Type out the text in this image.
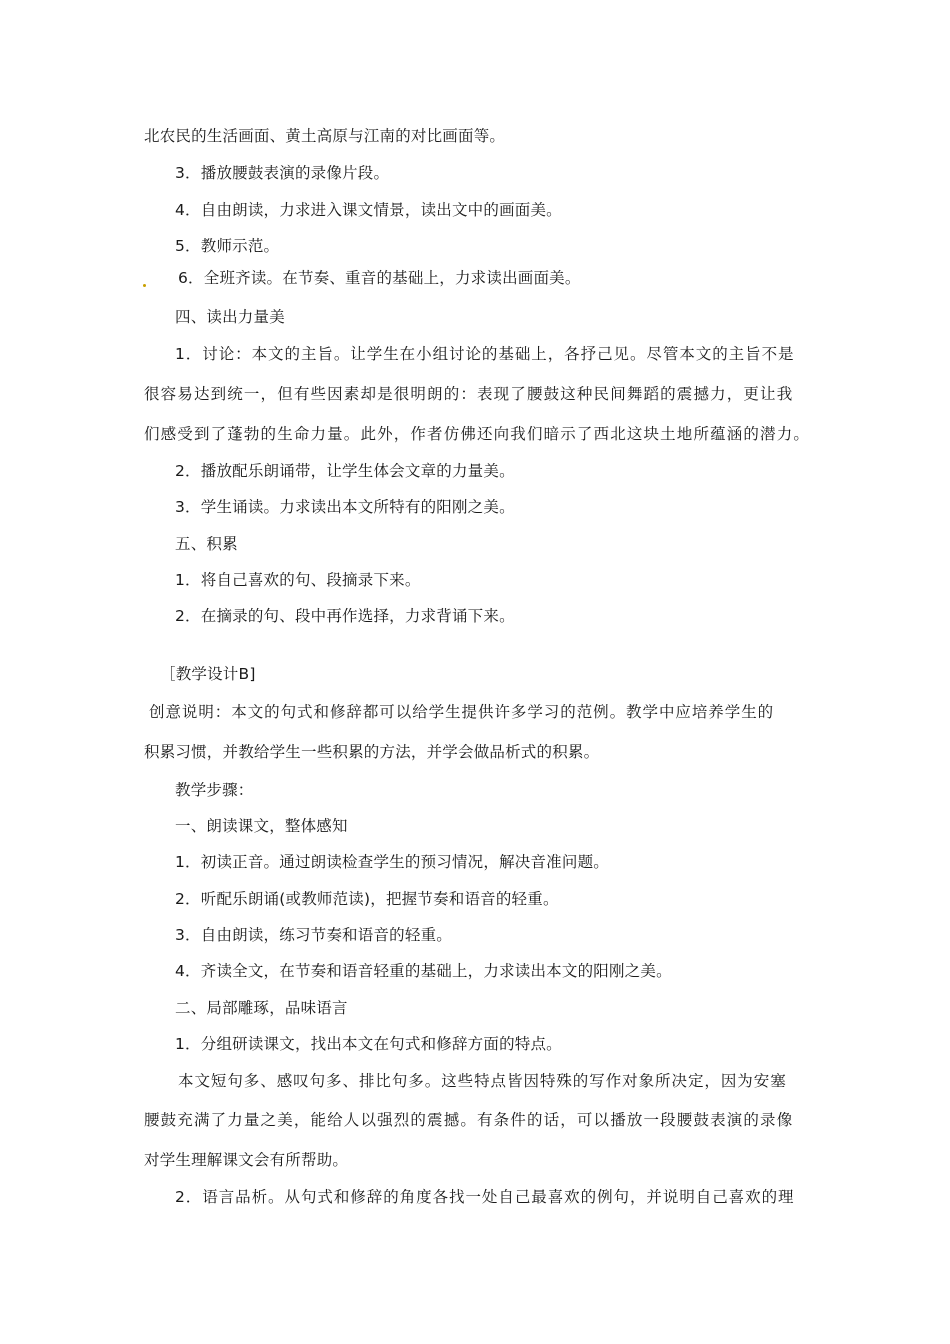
北农民的生活画面、黄土高原与江南的对比画面等。
3．播放腰鼓表演的录像片段。
4．自由朗读，力求进入课文情景，读出文中的画面美。
5．教师示范。
6．全班齐读。在节奏、重音的基础上，力求读出画面美。
四、读出力量美
1．讨论：本文的主旨。让学生在小组讨论的基础上，各抒己见。尽管本文的主旨不是
很容易达到统一，但有些因素却是很明朗的：表现了腰鼓这种民间舞蹈的震撼力，更让我
们感受到了蓬勃的生命力量。此外，作者仿佛还向我们暗示了西北这块土地所蕴涵的潜力。
2．播放配乐朗诵带，让学生体会文章的力量美。
3．学生诵读。力求读出本文所特有的阳刚之美。
五、积累
1．将自己喜欢的句、段摘录下来。
2．在摘录的句、段中再作选择，力求背诵下来。
［教学设计B]
创意说明：本文的句式和修辞都可以给学生提供许多学习的范例。教学中应培养学生的
积累习惯，并教给学生一些积累的方法，并学会做品析式的积累。
教学步骤：
一、朗读课文，整体感知
1．初读正音。通过朗读检查学生的预习情况，解决音准问题。
2．听配乐朗诵(或教师范读)，把握节奏和语音的轻重。
3．自由朗读，练习节奏和语音的轻重。
4．齐读全文，在节奏和语音轻重的基础上，力求读出本文的阳刚之美。
二、局部雕琢，品味语言
1．分组研读课文，找出本文在句式和修辞方面的特点。
本文短句多、感叹句多、排比句多。这些特点皆因特殊的写作对象所决定，因为安塞
腰鼓充满了力量之美，能给人以强烈的震撼。有条件的话，可以播放一段腰鼓表演的录像
对学生理解课文会有所帮助。
2．语言品析。从句式和修辞的角度各找一处自己最喜欢的例句，并说明自己喜欢的理
